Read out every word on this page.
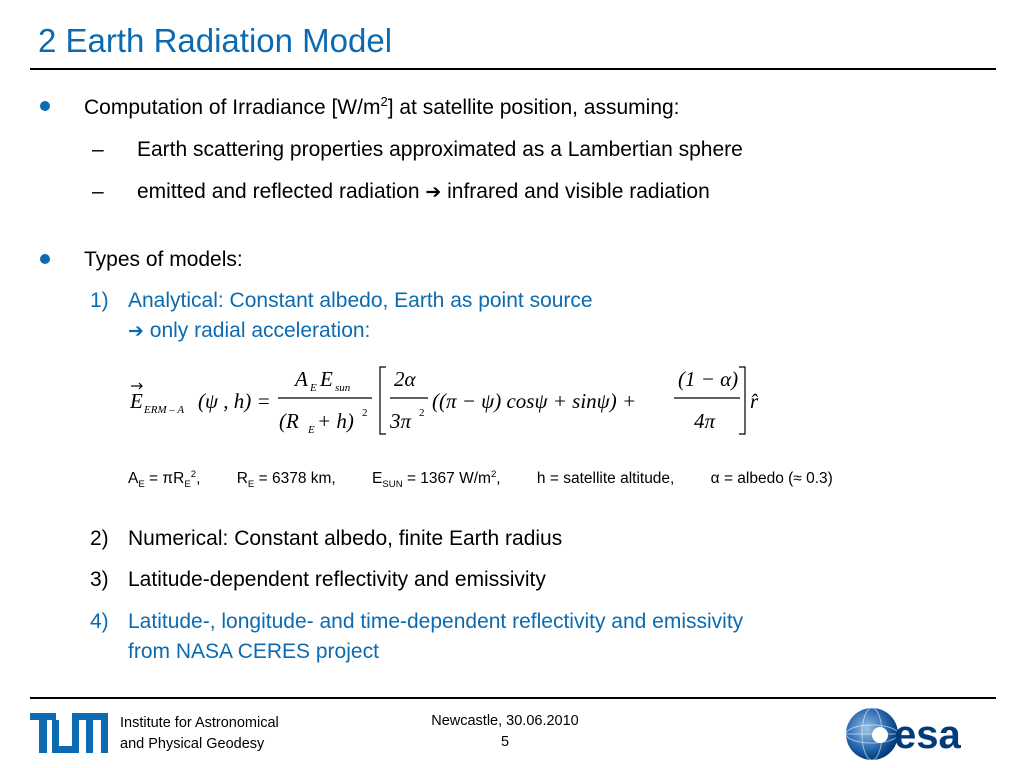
2 Earth Radiation Model
Computation of Irradiance $[W/m^2]$ at satellite position, assuming:
– Earth scattering properties approximated as a Lambertian sphere
– emitted and reflected radiation ➔ infrared and visible radiation
Types of models:
1) Analytical: Constant albedo, Earth as point source
➔ only radial acceleration:
E ERM – A (ψ , h) =
A E E sun
(R E + h) 2
2α
3π 2 ((π − ψ) cosψ + sinψ) +
(1 − α)
4π
r̂
$A_E = \pi R_E^2$, $R_E = 6378$ km, $E_{SUN} = 1367$ $W/m^2$, h = satellite altitude, α = albedo (≈ 0.3)
2) Numerical: Constant albedo, finite Earth radius
3) Latitude-dependent reflectivity and emissivity
4) Latitude-, longitude- and time-dependent reflectivity and emissivity
from NASA CERES project
Institute for Astronomical
and Physical Geodesy
Newcastle, 30.06.2010
5	esa
